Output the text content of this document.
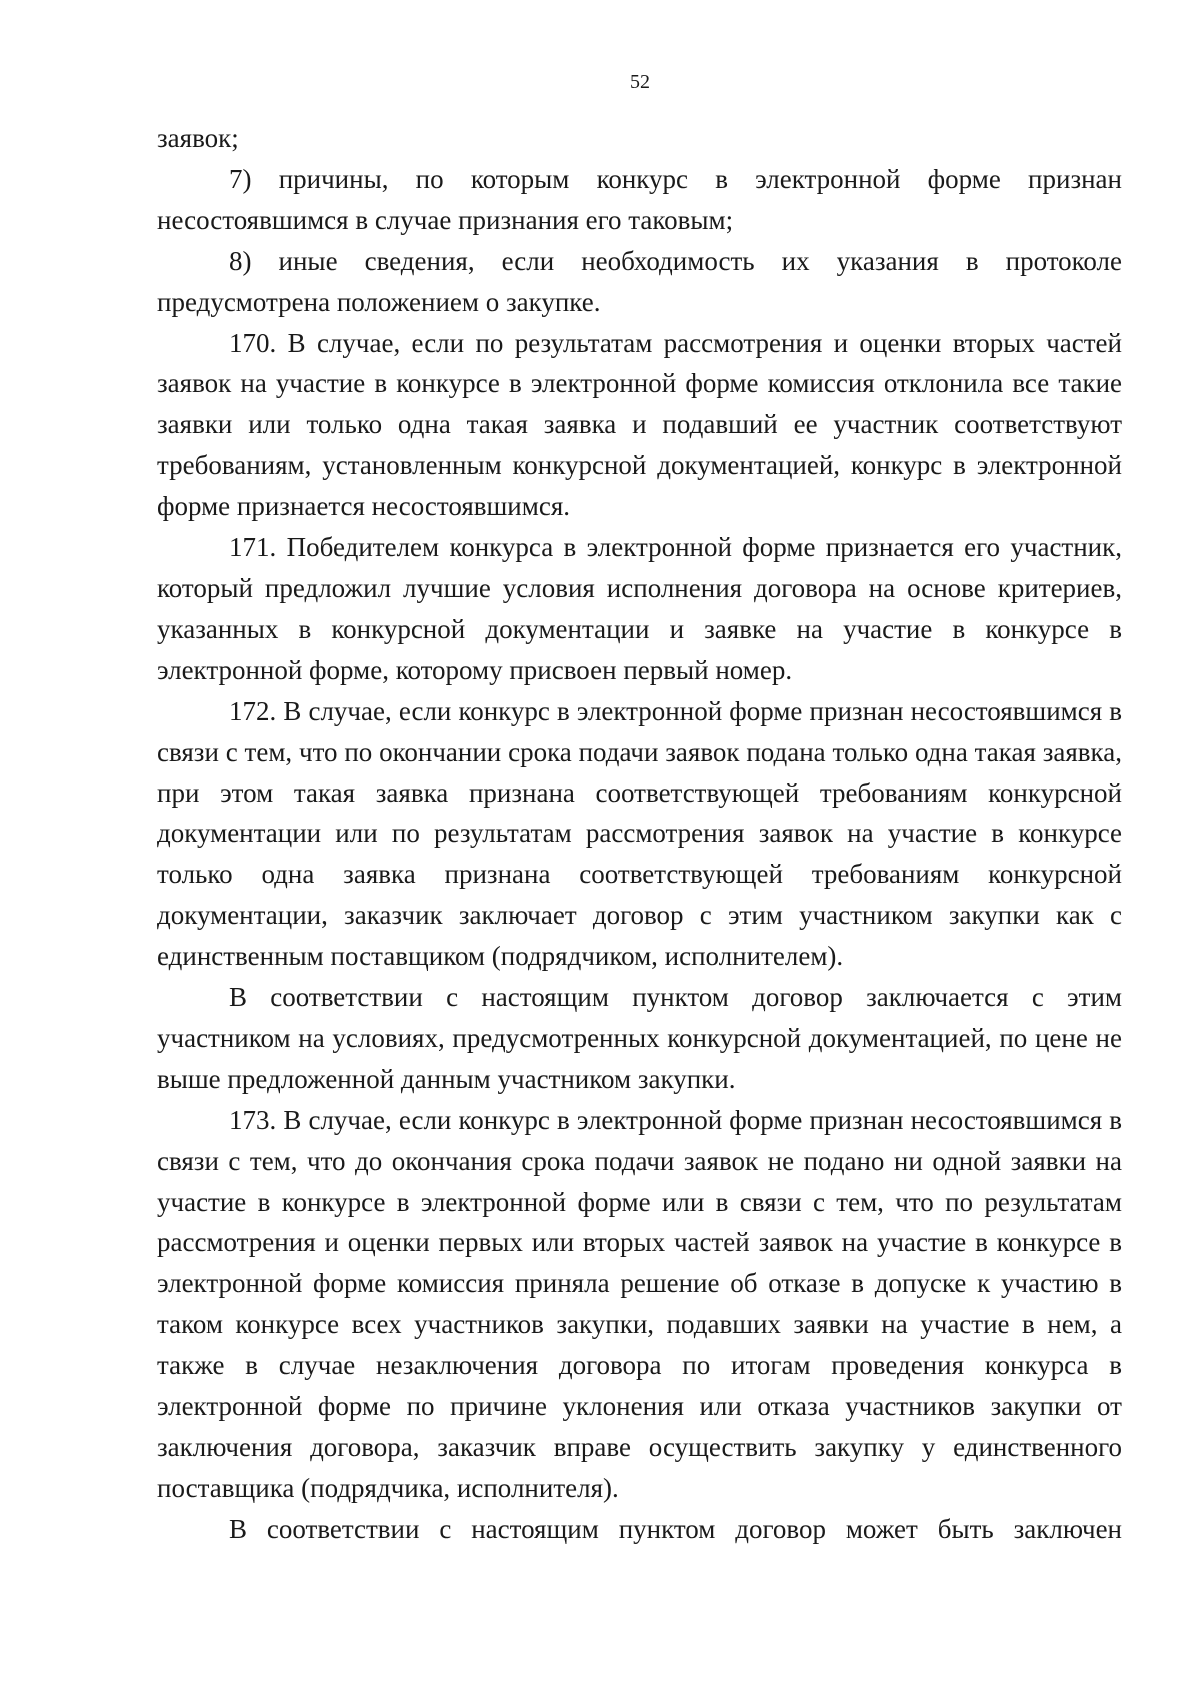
52

заявок;

7) причины, по которым конкурс в электронной форме признан несостоявшимся в случае признания его таковым;

8) иные сведения, если необходимость их указания в протоколе предусмотрена положением о закупке.

170. В случае, если по результатам рассмотрения и оценки вторых частей заявок на участие в конкурсе в электронной форме комиссия отклонила все такие заявки или только одна такая заявка и подавший ее участник соответствуют требованиям, установленным конкурсной документацией, конкурс в электронной форме признается несостоявшимся.

171. Победителем конкурса в электронной форме признается его участник, который предложил лучшие условия исполнения договора на основе критериев, указанных в конкурсной документации и заявке на участие в конкурсе в электронной форме, которому присвоен первый номер.

172. В случае, если конкурс в электронной форме признан несостоявшимся в связи с тем, что по окончании срока подачи заявок подана только одна такая заявка, при этом такая заявка признана соответствующей требованиям конкурсной документации или по результатам рассмотрения заявок на участие в конкурсе только одна заявка признана соответствующей требованиям конкурсной документации, заказчик заключает договор с этим участником закупки как с единственным поставщиком (подрядчиком, исполнителем).

В соответствии с настоящим пунктом договор заключается с этим участником на условиях, предусмотренных конкурсной документацией, по цене не выше предложенной данным участником закупки.

173. В случае, если конкурс в электронной форме признан несостоявшимся в связи с тем, что до окончания срока подачи заявок не подано ни одной заявки на участие в конкурсе в электронной форме или в связи с тем, что по результатам рассмотрения и оценки первых или вторых частей заявок на участие в конкурсе в электронной форме комиссия приняла решение об отказе в допуске к участию в таком конкурсе всех участников закупки, подавших заявки на участие в нем, а также в случае незаключения договора по итогам проведения конкурса в электронной форме по причине уклонения или отказа участников закупки от заключения договора, заказчик вправе осуществить закупку у единственного поставщика (подрядчика, исполнителя).

В соответствии с настоящим пунктом договор может быть заключен
